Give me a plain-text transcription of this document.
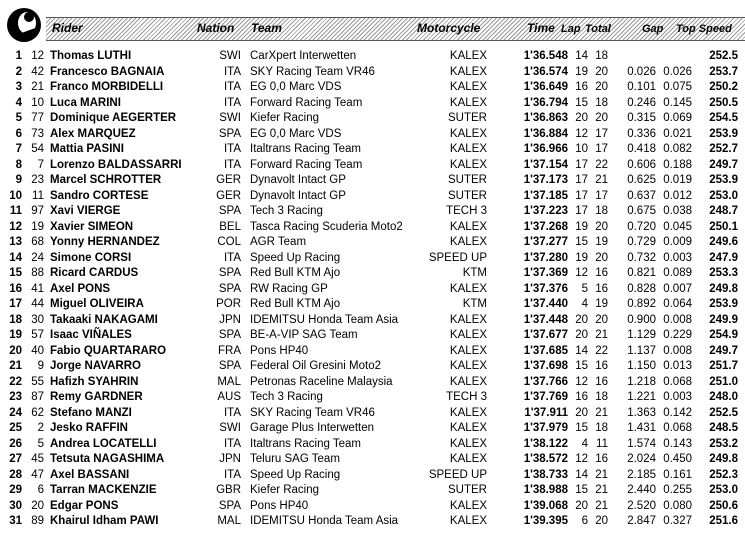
Rider	Nation Team	Motorcycle	Time Lap Total	Gap Top Speed
1 12 Thomas LUTHI	SWI CarXpert Interwetten	KALEX	1'36.548 14 18	252.5
2 42 Francesco BAGNAIA	ITA SKY Racing Team VR46	KALEX	1'36.574 19 20	0.026 0.026	253.7
3 21 Franco MORBIDELLI	ITA EG 0,0 Marc VDS	KALEX	1'36.649 16 20	0.101 0.075	250.2
4 10 Luca MARINI	ITA Forward Racing Team	KALEX	1'36.794 15 18	0.246 0.145	250.5
5 77 Dominique AEGERTER	SWI Kiefer Racing	SUTER	1'36.863 20 20	0.315 0.069	254.5
6 73 Alex MARQUEZ	SPA EG 0,0 Marc VDS	KALEX	1'36.884 12 17	0.336 0.021	253.9
7 54 Mattia PASINI	ITA Italtrans Racing Team	KALEX	1'36.966 10 17	0.418 0.082	252.7
8	7 Lorenzo BALDASSARRI	ITA Forward Racing Team	KALEX	1'37.154 17 22	0.606 0.188	249.7
9 23 Marcel SCHROTTER	GER Dynavolt Intact GP	SUTER	1'37.173 17 21	0.625 0.019	253.9
10 11 Sandro CORTESE	GER Dynavolt Intact GP	SUTER	1'37.185 17 17	0.637 0.012	253.0
11 97 Xavi VIERGE	SPA Tech 3 Racing	TECH 3	1'37.223 17 18	0.675 0.038	248.7
12 19 Xavier SIMEON	BEL Tasca Racing Scuderia Moto2	KALEX	1'37.268 19 20	0.720 0.045	250.1
13 68 Yonny HERNANDEZ	COL AGR Team	KALEX	1'37.277 15 19	0.729 0.009	249.6
14 24 Simone CORSI	ITA Speed Up Racing	SPEED UP	1'37.280 19 20	0.732 0.003	247.9
15 88 Ricard CARDUS	SPA Red Bull KTM Ajo	KTM	1'37.369 12 16	0.821 0.089	253.3
16 41 Axel PONS	SPA RW Racing GP	KALEX	1'37.376	5 16	0.828 0.007	249.8
17 44 Miguel OLIVEIRA	POR Red Bull KTM Ajo	KTM	1'37.440	4 19	0.892 0.064	253.9
18 30 Takaaki NAKAGAMI	JPN IDEMITSU Honda Team Asia	KALEX	1'37.448 20 20	0.900 0.008	249.9
19 57 Isaac VIÑALES	SPA BE-A-VIP SAG Team	KALEX	1'37.677 20 21	1.129 0.229	254.9
20 40 Fabio QUARTARARO	FRA Pons HP40	KALEX	1'37.685 14 22	1.137 0.008	249.7
21	9 Jorge NAVARRO	SPA Federal Oil Gresini Moto2	KALEX	1'37.698 15 16	1.150 0.013	251.7
22 55 Hafizh SYAHRIN	MAL Petronas Raceline Malaysia	KALEX	1'37.766 12 16	1.218 0.068	251.0
23 87 Remy GARDNER	AUS Tech 3 Racing	TECH 3	1'37.769 16 18	1.221 0.003	248.0
24 62 Stefano MANZI	ITA SKY Racing Team VR46	KALEX	1'37.911 20 21	1.363 0.142	252.5
25	2 Jesko RAFFIN	SWI Garage Plus Interwetten	KALEX	1'37.979 15 18	1.431 0.068	248.5
26	5 Andrea LOCATELLI	ITA Italtrans Racing Team	KALEX	1'38.122	4 11	1.574 0.143	253.2
27 45 Tetsuta NAGASHIMA	JPN Teluru SAG Team	KALEX	1'38.572 12 16	2.024 0.450	249.8
28 47 Axel BASSANI	ITA Speed Up Racing	SPEED UP	1'38.733 14 21	2.185 0.161	252.3
29	6 Tarran MACKENZIE	GBR Kiefer Racing	SUTER	1'38.988 15 21	2.440 0.255	253.0
30 20 Edgar PONS	SPA Pons HP40	KALEX	1'39.068 20 21	2.520 0.080	250.6
31 89 Khairul Idham PAWI	MAL IDEMITSU Honda Team Asia	KALEX	1'39.395	6 20	2.847 0.327	251.6
